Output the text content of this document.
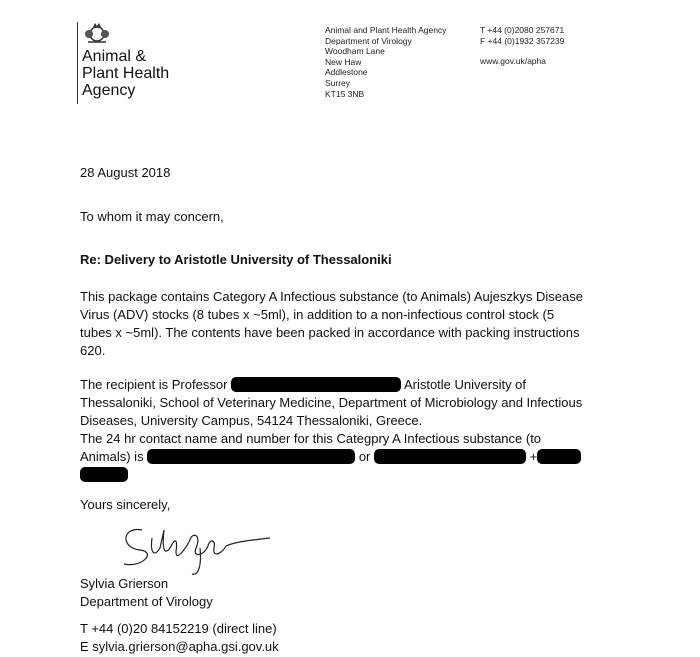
Animal &
Plant Health
Agency
Animal and Plant Health Agency
Department of Virology
Woodham Lane
New Haw
Addlestone
Surrey
KT15 3NB
T +44 (0)2080 257671
F +44 (0)1932 357239
www.gov.uk/apha
28 August 2018
To whom it may concern,
Re: Delivery to Aristotle University of Thessaloniki
This package contains Category A Infectious substance (to Animals) Aujeszkys Disease
Virus (ADV) stocks (8 tubes x ~5ml), in addition to a non-infectious control stock (5
tubes x ~5ml). The contents have been packed in accordance with packing instructions
620.
The recipient is Professor	Aristotle University of
Thessaloniki, School of Veterinary Medicine, Department of Microbiology and Infectious
Diseases, University Campus, 54124 Thessaloniki, Greece.
The 24 hr contact name and number for this Categpry A Infectious substance (to
Animals) is	or	+
Yours sincerely,
Sylvia Grierson
Department of Virology
T +44 (0)20 84152219 (direct line)
E sylvia.grierson@apha.gsi.gov.uk
